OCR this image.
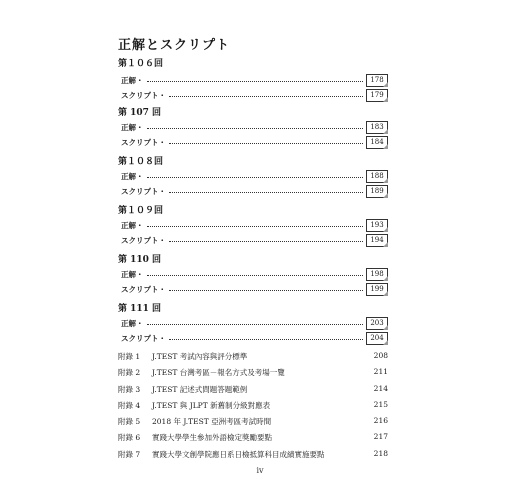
正解とスクリプト
第１０６回
正解・	178
スクリプト・	179
第 107 回
正解・	183
スクリプト・	184
第１０８回
正解・	188
スクリプト・	189
第１０９回
正解・	193
スクリプト・	194
第 110 回
正解・	198
スクリプト・	199
第 111 回
正解・	203
スクリプト・	204
附錄 1	J.TEST 考試內容與評分標準	208
附錄 2	J.TEST 台灣考區－報名方式及考場一覽	211
附錄 3	J.TEST 記述式問題答題範例	214
附錄 4	J.TEST 與 JLPT 新舊制分級對應表	215
附錄 5	2018 年 J.TEST 亞洲考區考試時間	216
附錄 6	實踐大學學生參加外語檢定獎勵要點	217
附錄 7	實踐大學文創學院應日系日檢抵算科目成績實施要點	218
iv
